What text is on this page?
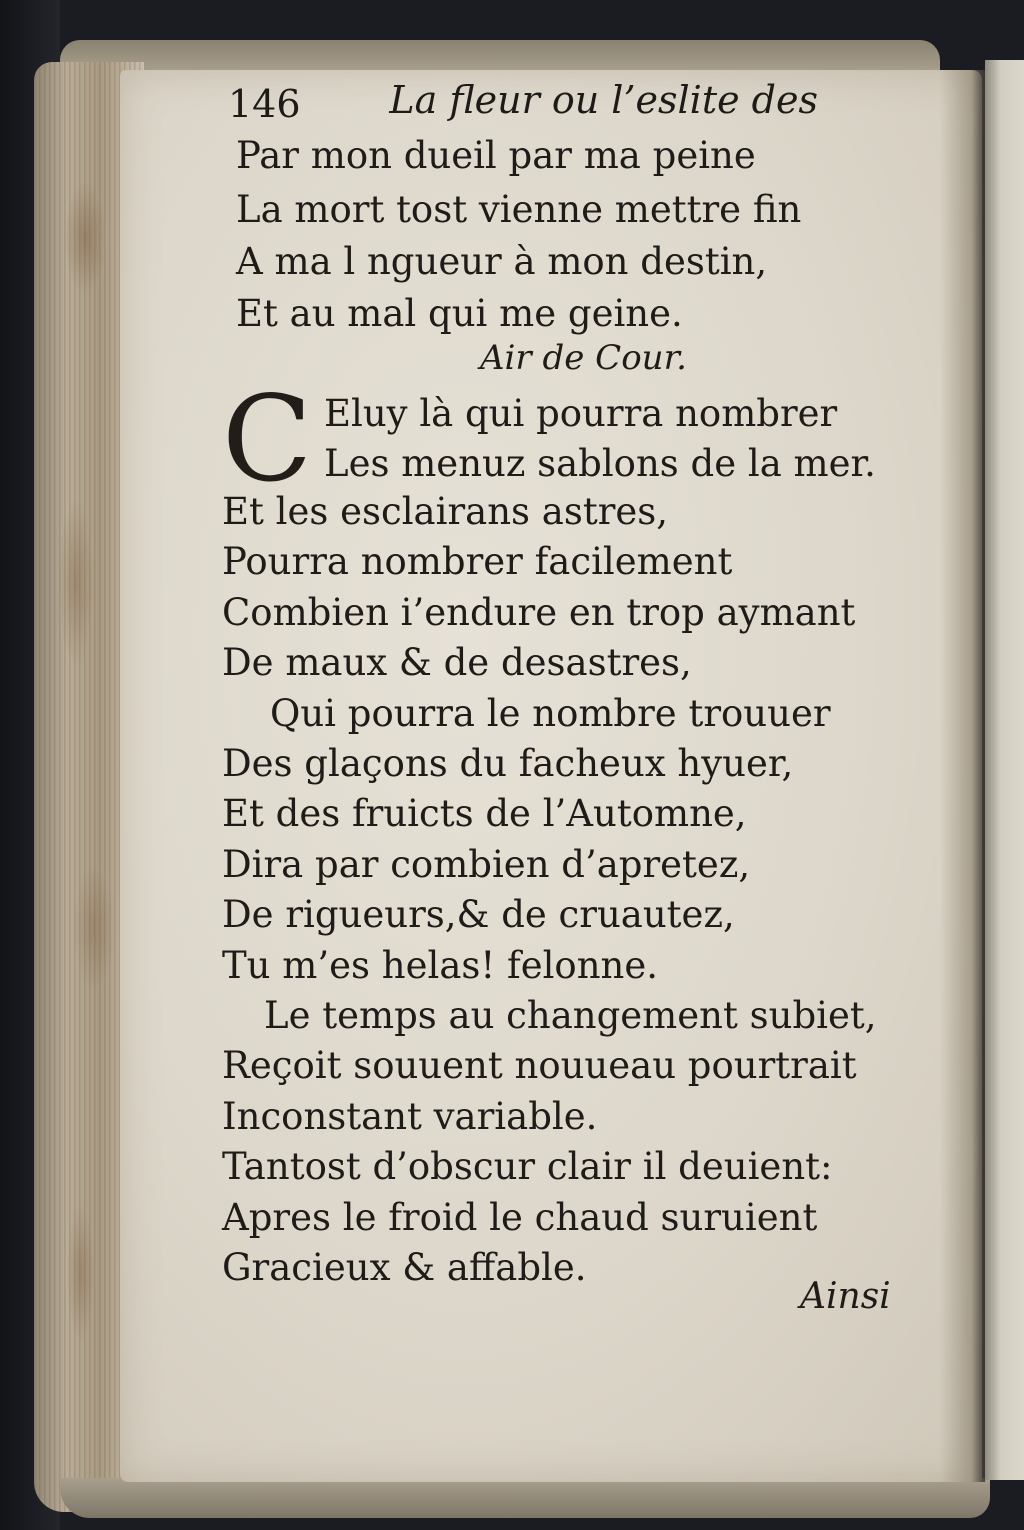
146 La fleur ou l’eslite des
Par mon dueil par ma peine
La mort tost vienne mettre fin
A ma l ngueur à mon destin,
Et au mal qui me geine.
Air de Cour.
C Eluy là qui pourra nombrer
Les menuz sablons de la mer.
Ainsi
Et les esclairans astres,
Pourra nombrer facilement
Combien i’endure en trop aymant
De maux & de desastres,
Qui pourra le nombre trouuer
Des glaçons du facheux hyuer,
Et des fruicts de l’Automne,
Dira par combien d’apretez,
De rigueurs,& de cruautez,
Tu m’es helas! felonne.
Le temps au changement subiet,
Reçoit souuent nouueau pourtrait
Inconstant variable.
Tantost d’obscur clair il deuient:
Apres le froid le chaud suruient
Gracieux & affable.
